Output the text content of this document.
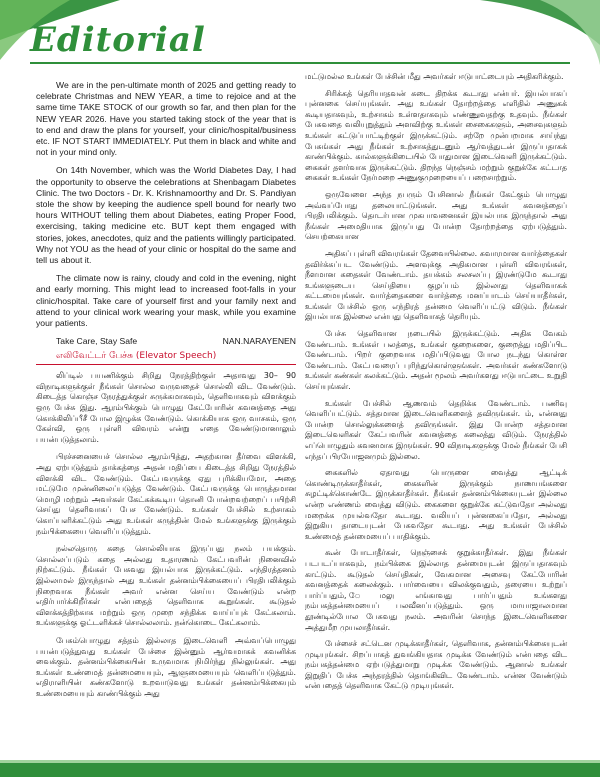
Editorial

We are in the pen-ultimate month of 2025 and getting ready to celebrate Christmas and NEW YEAR, a time to rejoice and at the same time TAKE STOCK of our growth so far, and then plan for the NEW YEAR 2026. Have you started taking stock of the year that is to end and draw the plans for yourself, your clinic/hospital/business etc. IF NOT START IMMEDIATELY. Put them in black and white and not in your mind only.

On 14th November, which was the World Diabetes Day, I had the opportunity to observe the celebrations at Shenbagam Diabetes Clinic. The two Doctors - Dr. K. Krishnamoorthy and Dr. S. Pandiyan stole the show by keeping the audience spell bound for nearly two hours WITHOUT telling them about Diabetes, eating Proper Food, exercising, taking medicine etc. BUT kept them engaged with stories, jokes, anecdotes, quiz and the patients willingly participated. Why not YOU as the head of your clinic or hospital do the same and tell us about it.

The climate now is rainy, cloudy and cold in the evening, night and early morning. This might lead to increased foot-falls in your clinic/hospital. Take care of yourself first and your family next and attend to your clinical work wearing your mask, while you examine your patients.

Take Care, Stay Safe	NAN.NARAYENEN
எலிவேட்டர் பேச்சு (Elevator Speech)

லிப்டில் பயணிக்கும் சிறிது நேரத்திற்குள் அதாவது 30– 90 விநாடிகளுக்குள் நீங்கள் சொல்ல வருவதைச் சொல்லி விட வேண்டும். கிடைத்த கொஞ்ச நேரத்துக்குள் சுருக்கமாகவும், தெளிவாகவும் விளக்கும் ஒரு பேச்சு இது. ஆரம்பிக்கும் பொழுது கேட்போரின் கவனத்தை அது கொக்கிலிப்பீசீ போல இழுக்க வேண்டும். கொக்கியாக ஒரு வாசகம், ஒரு கேள்வி, ஒரு புள்ளி விவரம் என்று எதை வேண்டுமானாலும் பயன்படுத்தலாம்.

பிரச்சனையைச் சொல்ல ஆரம்பித்து, அதற்கான தீர்வை விளக்கி, அது ஏற்படுத்தும் தாக்கத்தை அதன் மதிப்பை கிடைத்த சிறிது நேரத்தில் விளக்கி விட வேண்டும். கேட்பவருக்கு ஏது புரிக்கியமோ, அதை மட்டுமே முன்னிலைப்படுத்த வேண்டும். கேட்பவருக்கு பொருத்தமான மொழி மற்றும் அவர்கள் கேட்கக்கூடிய தொனி போன்றவற்றைப் பயிற்சி செய்து தெளிவாகப் பேச வேண்டும். உங்கள் பேச்சில் உற்சாகம் கொப்பளிக்கட்டும் அது உங்கள் கருத்தின் மேல் உங்களுக்கு இருக்கும் நம்பிக்கையை வெளிப்படுத்தும்.

நல்லதொரு கதை சொல்லியாக இருப்பது நலம் பயக்கும். சொல்லப்படும் கதை அல்லது உதாரணம் கேட்பவரின் நினைவில் நிற்கட்டும். நீங்கள் பேசுவது இயல்பாக இருக்கட்டும். எந்திரத்தனம் இல்லாமல் இருந்தால் அது உங்கள் தன்னம்பிக்கையைப் பிரதிபலிக்கும் நிறைவாக நீங்கள் அவர் என்ன செய்ய வேண்டும் என்ற எதிர்பார்க்கிறீர்கள் என்பதைத் தெளிவாக கூறுங்கள். கூடுதல் விளக்கத்திற்காக மற்றும் ஒரு முறை சந்திக்க வாய்ப்புக் கேட்கலாம். உங்களுக்கு ஓட்டளிக்கச் சொல்லலாம். நன்கொடை கேட்கலாம்.

பேசும்பொழுது சத்தம் இல்லாத இடைவெளி அவ்வப்பொழுது பயன்படுத்துவது உங்கள் பேச்சை இன்னும் ஆர்வமாகக் கவனிக்க வைக்கும். தன்னம்பிக்கையின் உருவமாக நிமிர்ந்து நில்லுங்கள். அது உங்கள் உண்மைத் தன்மையையும், ஆளுமையையும் வெளிப்படுத்தும். எதிராளியின் கண்களோடு உறவாடுவது உங்கள் தன்னம்பிக்கையும் உண்மையையும் காண்பிக்கும் அது

மட்டுமல்ல உங்கள் பேச்சின் மீது அவர்கள் ஈடுபாட்டையும் அதிகரிக்கும்.

சிரிக்கத் தெரியாதவன் கடை திறக்க கூடாது என்பர். இயல்பாகப் புன்னகை செய்யுங்கள். அது உங்கள் தோற்றத்தை எளிதில் அணுகக் கூடியதாகவும், உற்சாகம் உள்ளதாகவும் எண்ணுவதற்கு உதவும். நீங்கள் பேசுவதை வலியுறுத்தும் அளவிற்கு உங்கள் சைகைகளும், அசைவுகளும் உங்கள் கட்டுப்பாட்டிற்குள் இருக்கட்டும். சற்றே முன்பறமாக சாய்ந்து பேசுங்கள் அது நீங்கள் உற்சாகத்துடனும் ஆர்வத்துடன் இருப்பதாகக் காண்பிக்கும். கால்களுக்கிடையில் போதுமான இடைவெளி இருக்கட்டும். கைகள் தளர்வாக இருக்கட்டும். திறந்த நெஞ்சம் மற்றும் குறுக்கே கட்டாத கைகள் உங்கள் நேர்மறை அணுகுமுறையைப் பறைசாற்றும்.

ஒருவேளை அந்த நபரும் பேசினால் நீங்கள் கேட்கும் பொழுது அவ்வப்போது தலையாட்டுங்கள். அது உங்கள் கவனத்தைப் பிரதிபலிக்கும். தொடர்பான முகபாவனைகள் இயல்பாக இருந்தால் அது நீங்கள் அமைதியாக இருப்பது போன்ற தோற்றத்தை ஏற்படுத்தும். செயற்கையான

அதிகப் புள்ளி விவரங்கள் தேவையில்லை. சுவாரமான வார்த்தைகள் தவிர்க்கப்பட வேண்டும். அளவுக்கு அதிகமான புள்ளி விவரங்கள், நீளமான கதைகள் வேண்டாம். தயக்கம் சலசலப்பு இரண்டுமே கூடாது உங்களுடைய செய்தியை குழப்பம் இல்லாது தெளிவாகக் கட்டமையுங்கள். வார்த்தைகளை வார்த்தை மனப்பாடம் செய்யாதீர்கள், உங்கள் பேச்சில் ஒரு எந்திரத் தன்மை வெளிப்பட்டு விடும். நீங்கள் இயல்பாக இல்லை என்பது தெளிவாகத் தெரியும்.

பேச்சு தெளிவான நடையில் இருக்கட்டும். அதிக வேகம் வேண்டாம். உங்கள் பலத்தை, உங்கள் குறைகளை, குறைத்து மதிப்பிட வேண்டாம். பிறர் குறைவாக மதிப்பிடுவது போல நடந்து கொள்ள வேண்டாம். கேட்பவரைப் புரிந்துகொள்ளுங்கள். அவர்கள் கண்களோடு உங்கள் கண்கள் கலக்கட்டும். அதன் மூலம் அவர்களது ஈடுபாட்டை உறுதி செய்யுங்கள்.

உங்கள் பேச்சில் ஆணவம் தெறிக்க வேண்டாம். பணிவு வெளிப்பட்டும். சத்தமான இடைவெளிகளைத் தவிருங்கள். ம், என்னது போன்ற சொல்லுக்களைத் தவிருங்கள். இது போன்ற சத்தமான இடைவெளிகள் கேட்பவரின் கவனத்தை கலைத்து விடும். நேரத்தில் எப்பொழுதும் கவனமாக இருங்கள். 90 விநாடிகளுக்கு மேல் நீங்கள் பேசி எந்தப் பிரயோஜனமும் இல்லை.

கைகளில் ஏதாவது பொருளை வைத்து ஆட்டிக் கொண்டிருக்காதீர்கள், கைகளின் இருக்கும் நாணயங்களை சுழட்டிக்கொண்டே இருக்காதீர்கள். நீங்கள் தன்னம்பிக்கையுடன் இல்லை என்ற எண்ணம் வைத்து விடும். கைகளை குறுக்கே கட்டுவதோ அல்லது மறைக்க முயல்வதோ கூடாது. வலியப் புன்னகைப்பதோ, அல்லது இறுகிய தாடையுடன் பேசுவதோ கூடாது. அது உங்கள் பேச்சில் உண்மைத் தன்மையைப் பாதிக்கும்.

கூன் போடாதீர்கள், நெஞ்சைக் குறுக்காதீர்கள். இது நீங்கள் படபடப்பாகவும், நம்பிக்கை இல்லாத தன்மையுடன் இருப்பதாகவும் காட்டும். கூடுதல் செய்திகள், வேகமான அசைவு கேட்போரின் கவனத்தைக் கலைக்கும். பார்வையை விலக்குவதும், தரையை உற்றுப் பார்ப்பதும், ேமலு எங்காவது பார்ப்பதும் உங்களது நம்பகத்தன்மையைப் பலவீனப்படுத்தும். ஒரு மாயாஜாலமான தூண்டில்போல பேசுவது நலம். அவரின் சொந்த இடைவெளிகளை அத்துமீற முயலாதீர்கள்.

பேச்சைச் சட்டென முடிக்காதீர்கள், தெளிவாக, தன்னம்பிக்கையுடன் முடியுங்கள். சிறப்பாகத் துவங்கியதாக முடிக்க வேண்டும் என்பதை விட நம்பகத்தன்மை ஏற்படுத்துமாறு முடிக்க வேண்டும். ஆனால் உங்கள் இறுதிப் பேச்சு அந்தரத்தில் தொங்கிவிட வேண்டாம். என்ன வேண்டும் என்பதைத் தெளிவாக கேட்டு முடியுங்கள்.
